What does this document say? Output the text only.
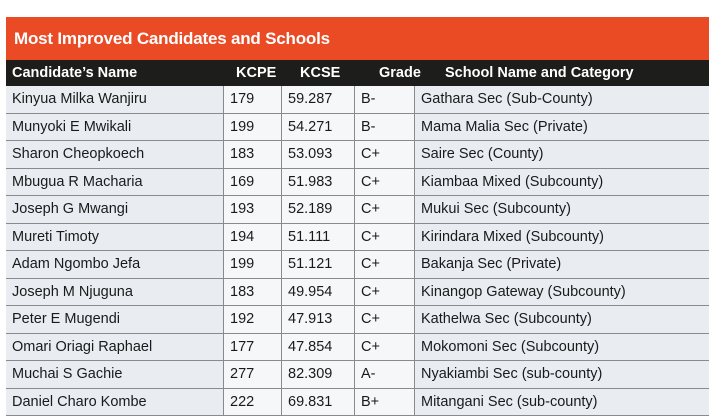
Most Improved Candidates and Schools
Candidate’s Name	KCPE	KCSE	Grade	School Name and Category
Kinyua Milka Wanjiru	179	59.287	B-	Gathara Sec (Sub-County)
Munyoki E Mwikali	199	54.271	B-	Mama Malia Sec (Private)
Sharon Cheopkoech	183	53.093	C+	Saire Sec (County)
Mbugua R Macharia	169	51.983	C+	Kiambaa Mixed (Subcounty)
Joseph G Mwangi	193	52.189	C+	Mukui Sec (Subcounty)
Mureti Timoty	194	51.111	C+	Kirindara Mixed (Subcounty)
Adam Ngombo Jefa	199	51.121	C+	Bakanja Sec (Private)
Joseph M Njuguna	183	49.954	C+	Kinangop Gateway (Subcounty)
Peter E Mugendi	192	47.913	C+	Kathelwa Sec (Subcounty)
Omari Oriagi Raphael	177	47.854	C+	Mokomoni Sec (Subcounty)
Muchai S Gachie	277	82.309	A-	Nyakiambi Sec (sub-county)
Daniel Charo Kombe	222	69.831	B+	Mitangani Sec (sub-county)
